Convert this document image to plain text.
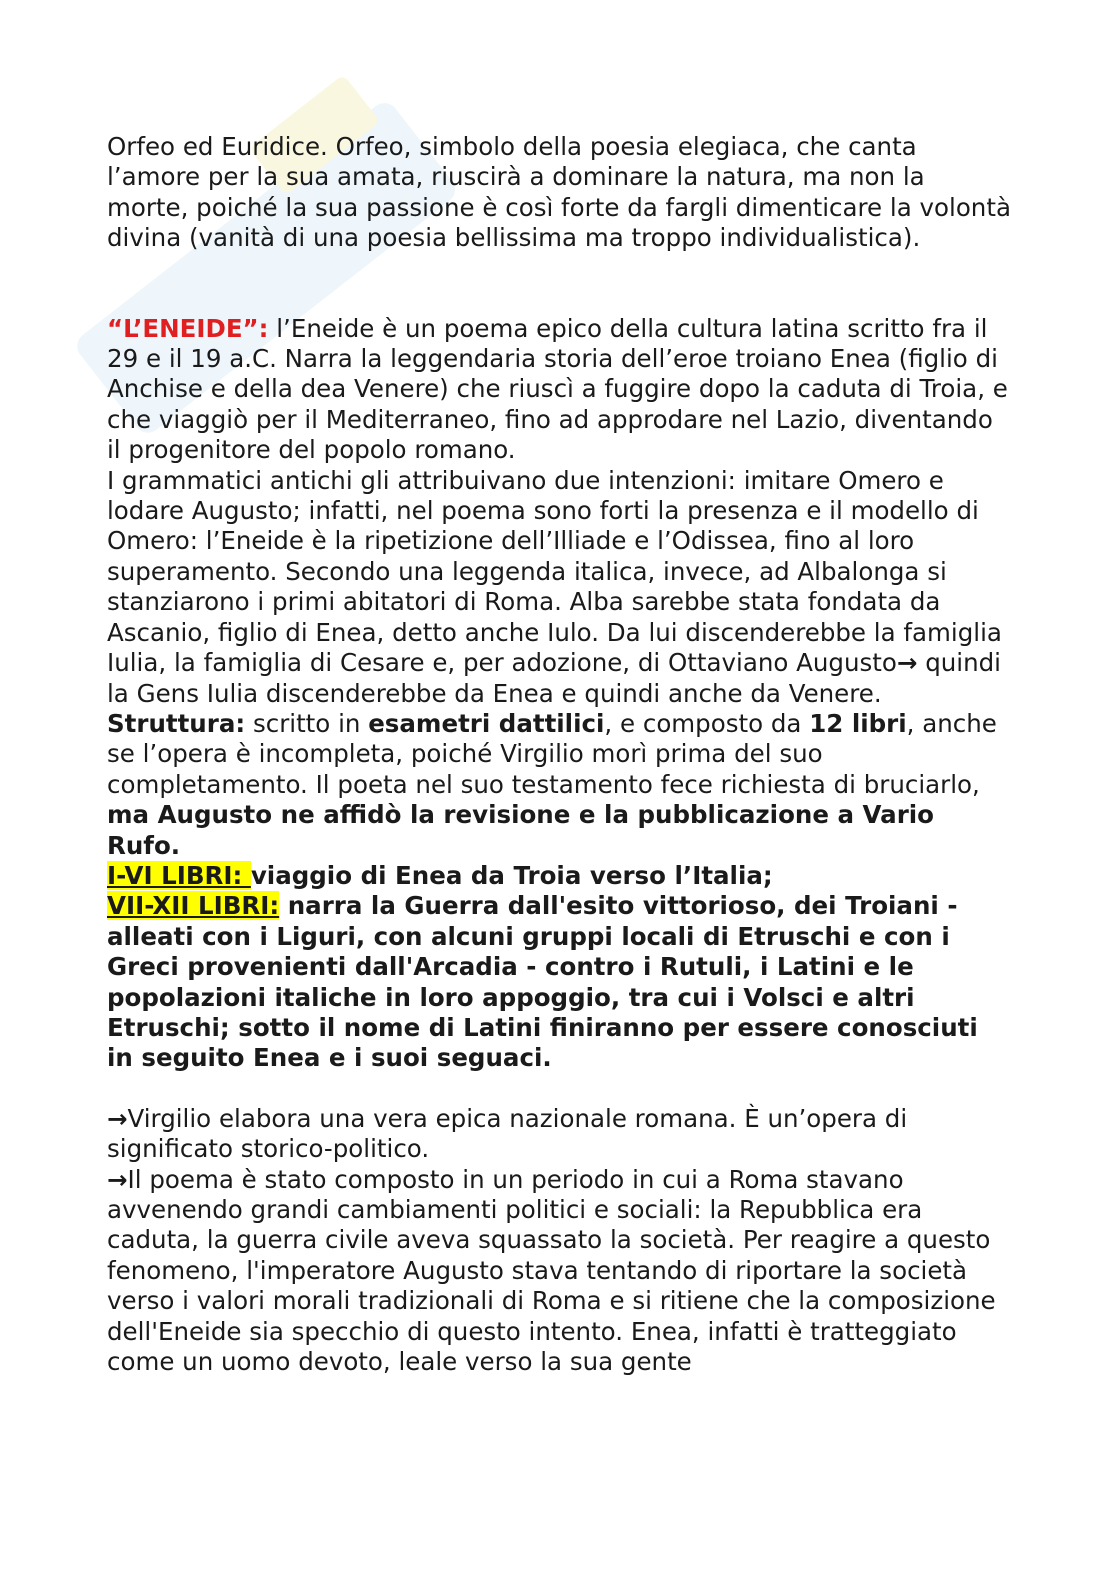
Orfeo ed Euridice. Orfeo, simbolo della poesia elegiaca, che canta l’amore per la sua amata, riuscirà a dominare la natura, ma non la morte, poiché la sua passione è così forte da fargli dimenticare la volontà divina (vanità di una poesia bellissima ma troppo individualistica).

“L’ENEIDE”: l’Eneide è un poema epico della cultura latina scritto fra il 29 e il 19 a.C. Narra la leggendaria storia dell’eroe troiano Enea (figlio di Anchise e della dea Venere) che riuscì a fuggire dopo la caduta di Troia, e che viaggiò per il Mediterraneo, fino ad approdare nel Lazio, diventando il progenitore del popolo romano.

I grammatici antichi gli attribuivano due intenzioni: imitare Omero e lodare Augusto; infatti, nel poema sono forti la presenza e il modello di Omero: l’Eneide è la ripetizione dell’Illiade e l’Odissea, fino al loro superamento. Secondo una leggenda italica, invece, ad Albalonga si stanziarono i primi abitatori di Roma. Alba sarebbe stata fondata da Ascanio, figlio di Enea, detto anche Iulo. Da lui discenderebbe la famiglia Iulia, la famiglia di Cesare e, per adozione, di Ottaviano Augusto→ quindi la Gens Iulia discenderebbe da Enea e quindi anche da Venere.

Struttura: scritto in esametri dattilici, e composto da 12 libri, anche se l’opera è incompleta, poiché Virgilio morì prima del suo completamento. Il poeta nel suo testamento fece richiesta di bruciarlo, ma Augusto ne affidò la revisione e la pubblicazione a Vario Rufo.

I-VI LIBRI: viaggio di Enea da Troia verso l’Italia;

VII-XII LIBRI: narra la Guerra dall'esito vittorioso, dei Troiani - alleati con i Liguri, con alcuni gruppi locali di Etruschi e con i Greci provenienti dall'Arcadia - contro i Rutuli, i Latini e le popolazioni italiche in loro appoggio, tra cui i Volsci e altri Etruschi; sotto il nome di Latini finiranno per essere conosciuti in seguito Enea e i suoi seguaci.

→Virgilio elabora una vera epica nazionale romana. È un’opera di significato storico-politico.

→Il poema è stato composto in un periodo in cui a Roma stavano avvenendo grandi cambiamenti politici e sociali: la Repubblica era caduta, la guerra civile aveva squassato la società. Per reagire a questo fenomeno, l'imperatore Augusto stava tentando di riportare la società verso i valori morali tradizionali di Roma e si ritiene che la composizione dell'Eneide sia specchio di questo intento. Enea, infatti è tratteggiato come un uomo devoto, leale verso la sua gente
